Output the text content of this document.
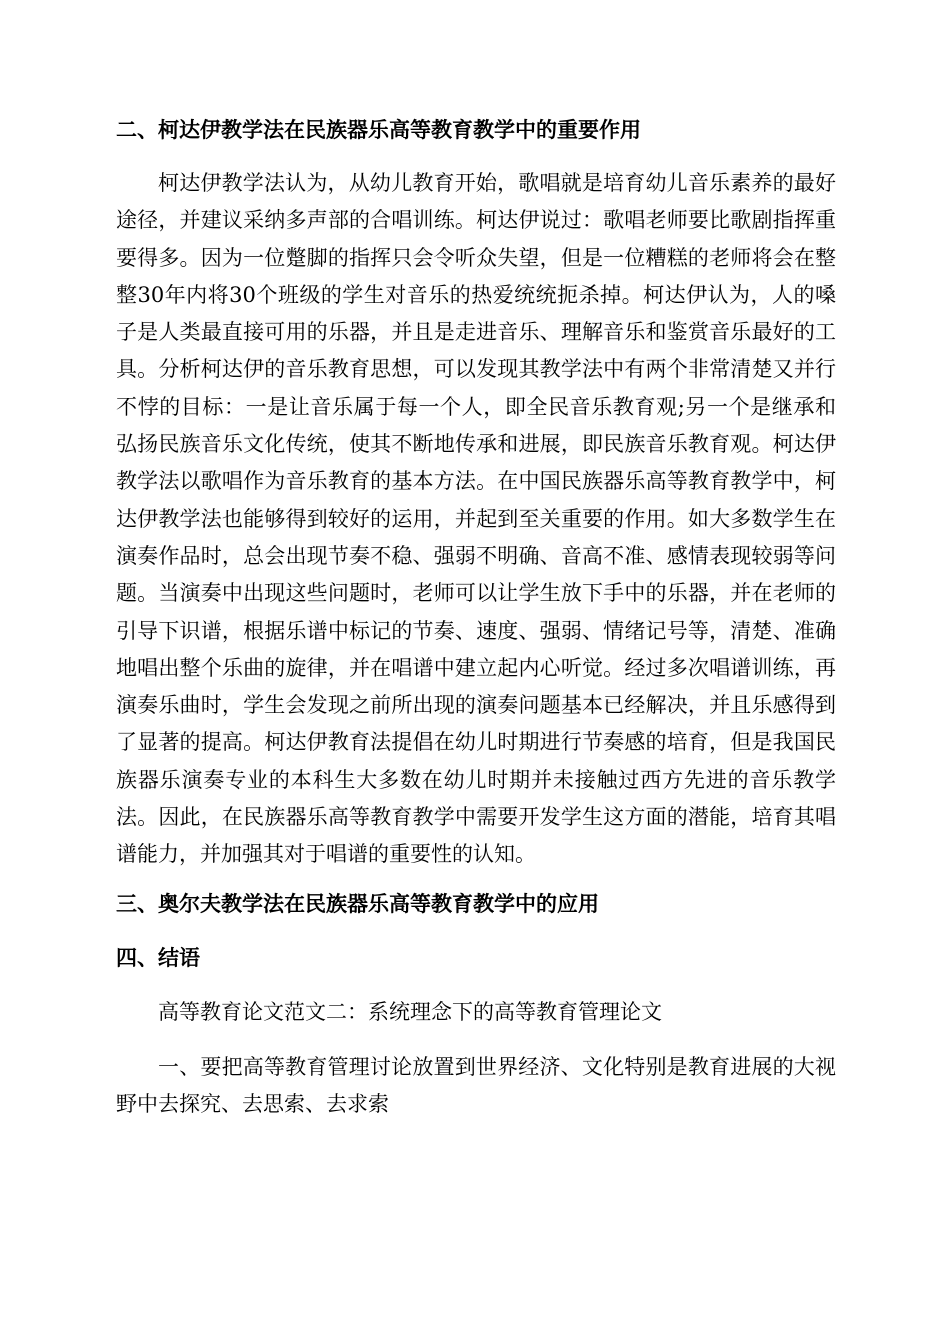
二、柯达伊教学法在民族器乐高等教育教学中的重要作用

柯达伊教学法认为，从幼儿教育开始，歌唱就是培育幼儿音乐素养的最好途径，并建议采纳多声部的合唱训练。柯达伊说过：歌唱老师要比歌剧指挥重要得多。因为一位蹩脚的指挥只会令听众失望，但是一位糟糕的老师将会在整整30年内将30个班级的学生对音乐的热爱统统扼杀掉。柯达伊认为，人的嗓子是人类最直接可用的乐器，并且是走进音乐、理解音乐和鉴赏音乐最好的工具。分析柯达伊的音乐教育思想，可以发现其教学法中有两个非常清楚又并行不悖的目标：一是让音乐属于每一个人，即全民音乐教育观;另一个是继承和弘扬民族音乐文化传统，使其不断地传承和进展，即民族音乐教育观。柯达伊教学法以歌唱作为音乐教育的基本方法。在中国民族器乐高等教育教学中，柯达伊教学法也能够得到较好的运用，并起到至关重要的作用。如大多数学生在演奏作品时，总会出现节奏不稳、强弱不明确、音高不准、感情表现较弱等问题。当演奏中出现这些问题时，老师可以让学生放下手中的乐器，并在老师的引导下识谱，根据乐谱中标记的节奏、速度、强弱、情绪记号等，清楚、准确地唱出整个乐曲的旋律，并在唱谱中建立起内心听觉。经过多次唱谱训练，再演奏乐曲时，学生会发现之前所出现的演奏问题基本已经解决，并且乐感得到了显著的提高。柯达伊教育法提倡在幼儿时期进行节奏感的培育，但是我国民族器乐演奏专业的本科生大多数在幼儿时期并未接触过西方先进的音乐教学法。因此，在民族器乐高等教育教学中需要开发学生这方面的潜能，培育其唱谱能力，并加强其对于唱谱的重要性的认知。

三、奥尔夫教学法在民族器乐高等教育教学中的应用
四、结语

高等教育论文范文二：系统理念下的高等教育管理论文

一、要把高等教育管理讨论放置到世界经济、文化特别是教育进展的大视野中去探究、去思索、去求索
